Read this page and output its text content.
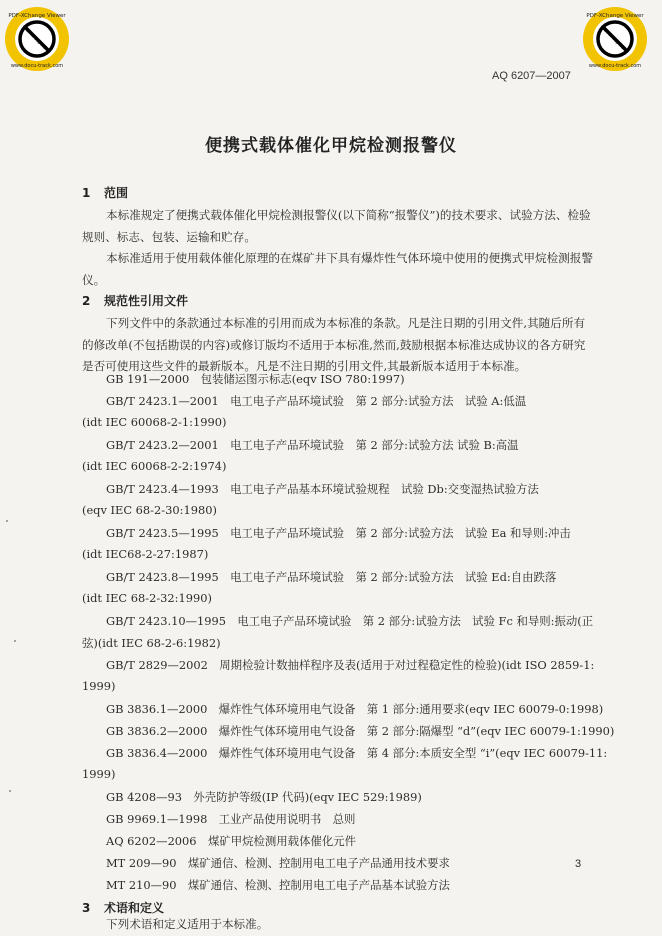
PDF-XChange Viewer
Click to buy NOW!
www.docu-track.com
PDF-XChange Viewer
Click to buy NOW!
www.docu-track.com
AQ 6207—2007
便携式载体催化甲烷检测报警仪
1 范围
本标准规定了便携式载体催化甲烷检测报警仪(以下简称“报警仪”)的技术要求、试验方法、检验规则、标志、包装、运输和贮存。
本标准适用于使用载体催化原理的在煤矿井下具有爆炸性气体环境中使用的便携式甲烷检测报警仪。
2 规范性引用文件
下列文件中的条款通过本标准的引用而成为本标准的条款。凡是注日期的引用文件,其随后所有的修改单(不包括勘误的内容)或修订版均不适用于本标准,然而,鼓励根据本标准达成协议的各方研究是否可使用这些文件的最新版本。凡是不注日期的引用文件,其最新版本适用于本标准。
GB 191—2000　包装储运图示标志(eqv ISO 780:1997)
GB/T 2423.1—2001　电工电子产品环境试验　第 2 部分:试验方法　试验 A:低温
(idt IEC 60068-2-1:1990)
GB/T 2423.2—2001　电工电子产品环境试验　第 2 部分:试验方法 试验 B:高温
(idt IEC 60068-2-2:1974)
GB/T 2423.4—1993　电工电子产品基本环境试验规程　试验 Db:交变湿热试验方法
(eqv IEC 68-2-30:1980)
GB/T 2423.5—1995　电工电子产品环境试验　第 2 部分:试验方法　试验 Ea 和导则:冲击
(idt IEC68-2-27:1987)
GB/T 2423.8—1995　电工电子产品环境试验　第 2 部分:试验方法　试验 Ed:自由跌落
(idt IEC 68-2-32:1990)
GB/T 2423.10—1995　电工电子产品环境试验　第 2 部分:试验方法　试验 Fc 和导则:振动(正
弦)(idt IEC 68-2-6:1982)
GB/T 2829—2002　周期检验计数抽样程序及表(适用于对过程稳定性的检验)(idt ISO 2859-1:
1999)
GB 3836.1—2000　爆炸性气体环境用电气设备　第 1 部分:通用要求(eqv IEC 60079-0:1998)
GB 3836.2—2000　爆炸性气体环境用电气设备　第 2 部分:隔爆型 “d”(eqv IEC 60079-1:1990)
GB 3836.4—2000　爆炸性气体环境用电气设备　第 4 部分:本质安全型 “i”(eqv IEC 60079-11:
1999)
GB 4208—93　外壳防护等级(IP 代码)(eqv IEC 529:1989)
GB 9969.1—1998　工业产品使用说明书　总则
AQ 6202—2006　煤矿甲烷检测用载体催化元件
MT 209—90　煤矿通信、检测、控制用电工电子产品通用技术要求
MT 210—90　煤矿通信、检测、控制用电工电子产品基本试验方法
3 术语和定义
下列术语和定义适用于本标准。
3
